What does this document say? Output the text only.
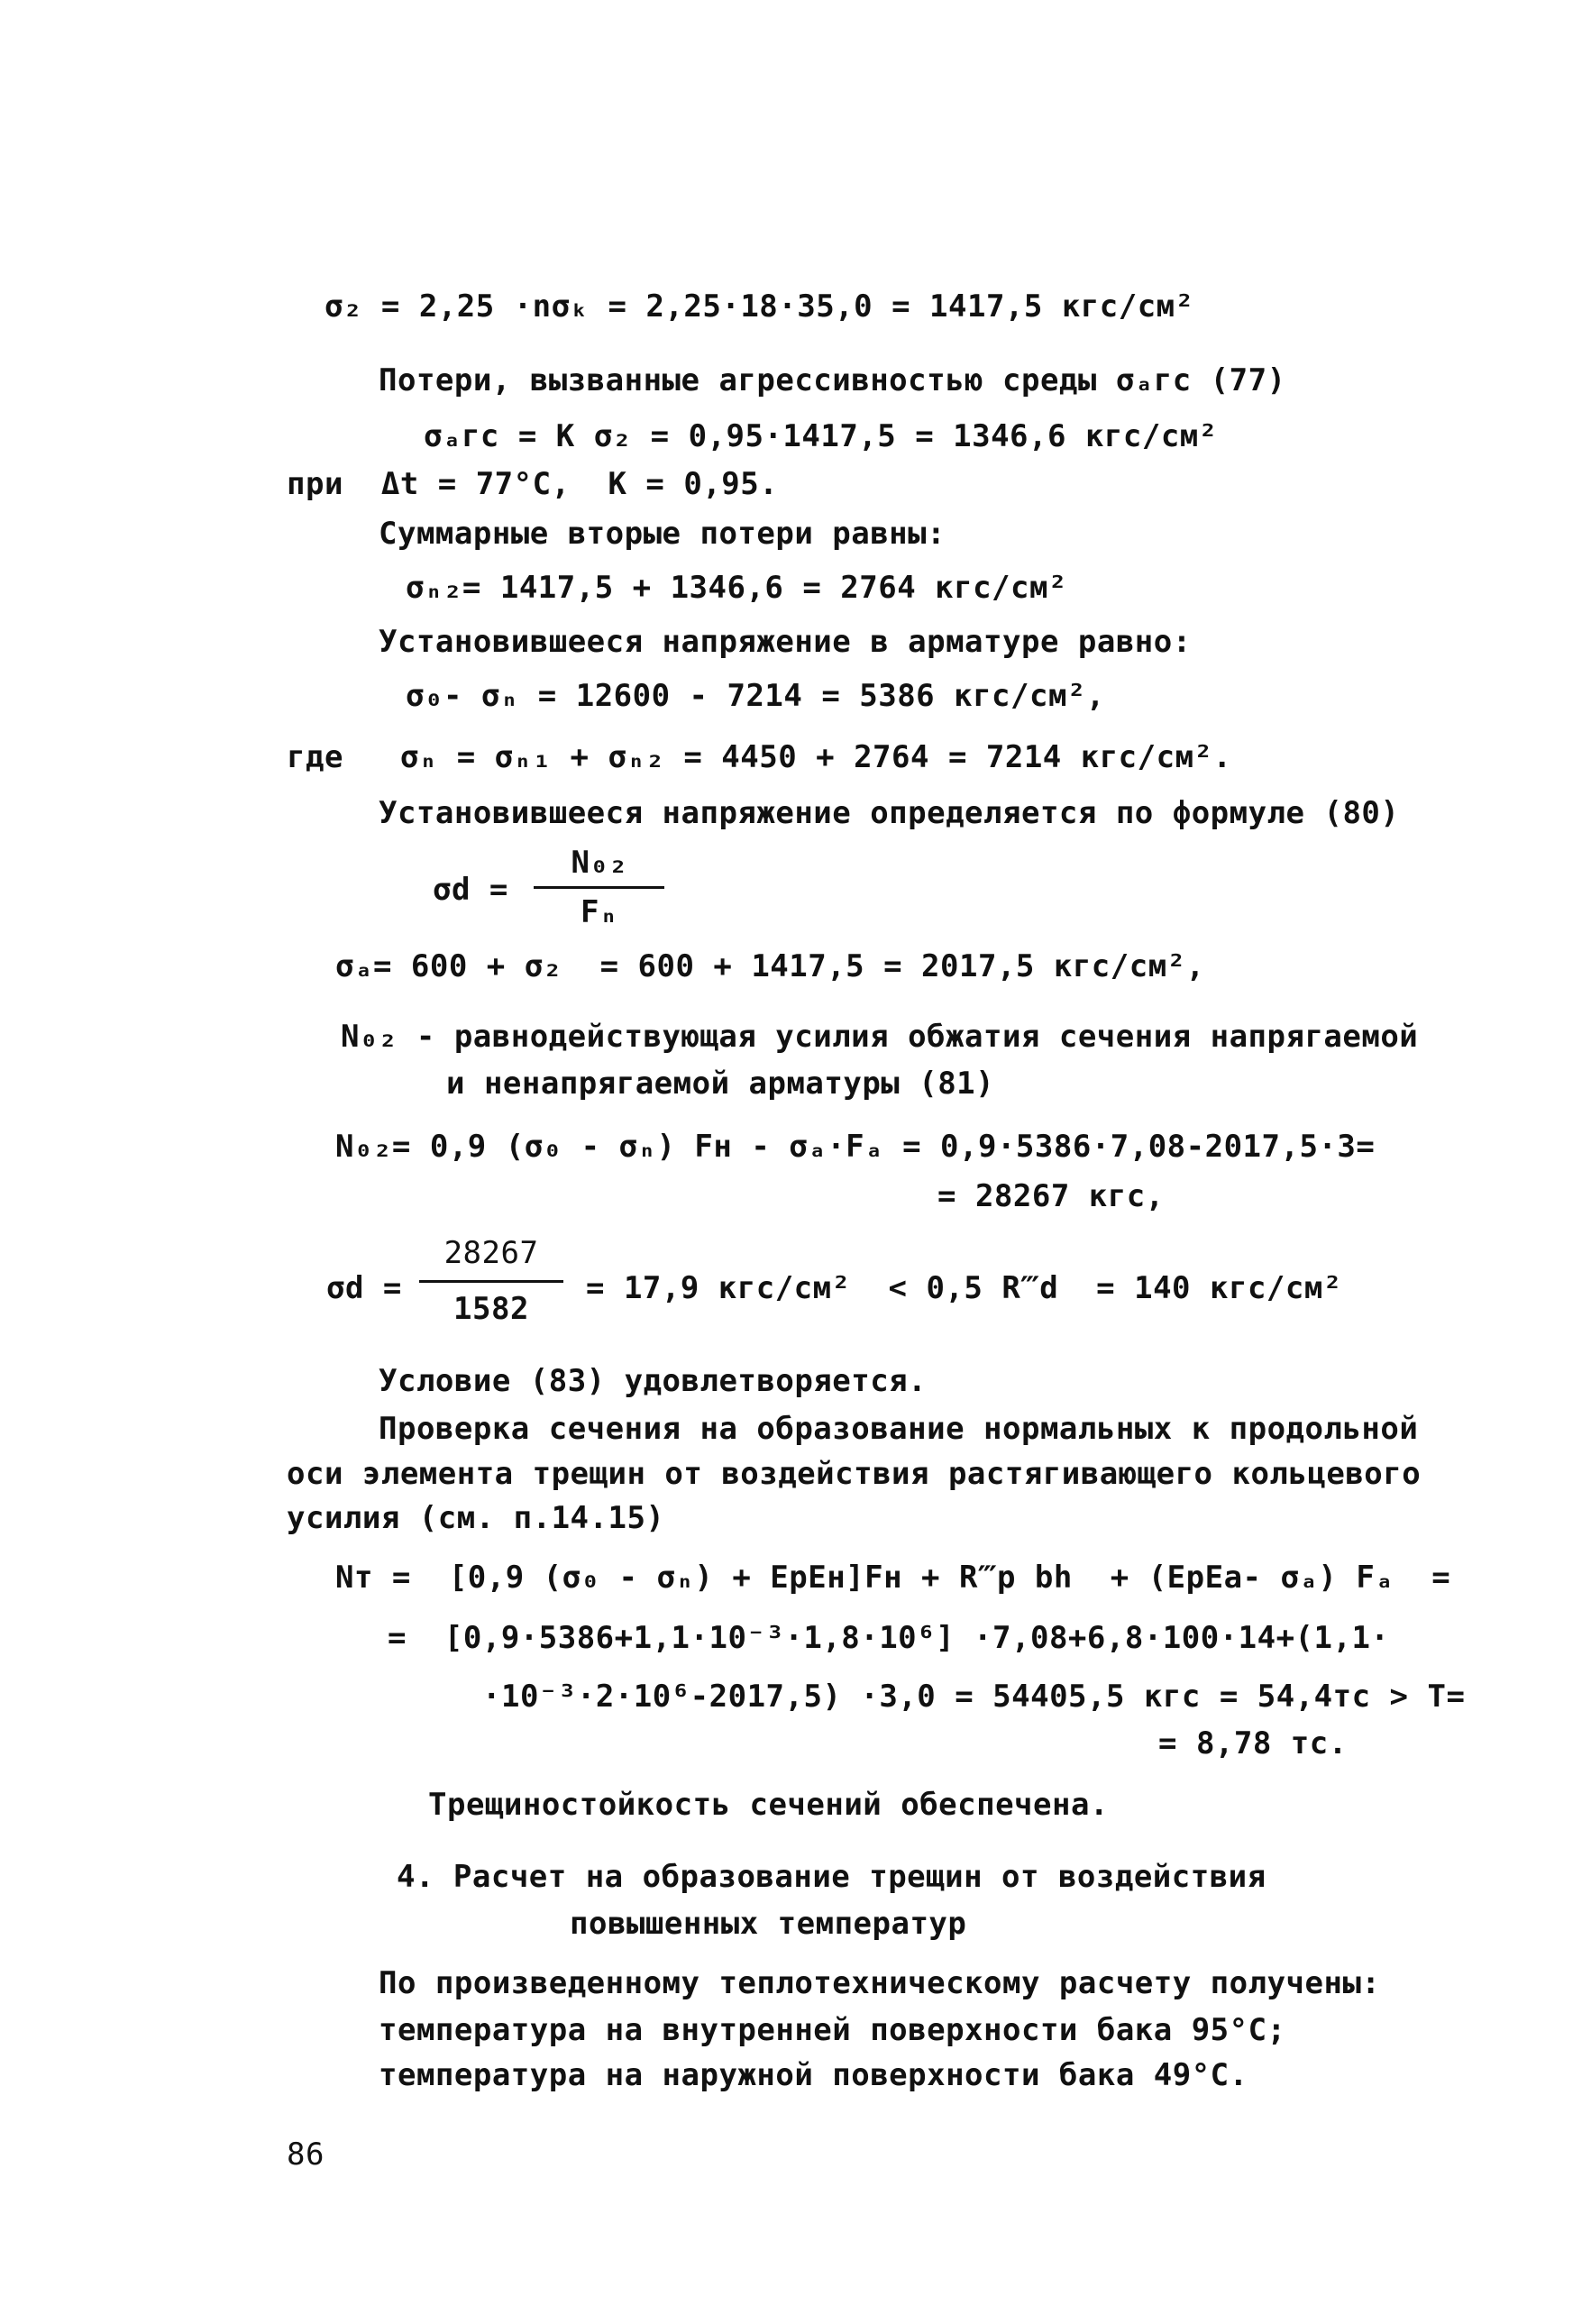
σ₂ = 2,25 ·nσₖ = 2,25·18·35,0 = 1417,5 кгс/см²
Потери, вызванные агрессивностью среды σₐгс (77)
σₐгс = K σ₂ = 0,95·1417,5 = 1346,6 кгс/см²
при  Δt = 77°C,  K = 0,95.
Суммарные вторые потери равны:
σₙ₂= 1417,5 + 1346,6 = 2764 кгс/см²
Установившееся напряжение в арматуре равно:
σ₀- σₙ = 12600 - 7214 = 5386 кгс/см²,
где   σₙ = σₙ₁ + σₙ₂ = 4450 + 2764 = 7214 кгс/см².
Установившееся напряжение определяется по формуле (80)
σd =
N₀₂
Fₙ
σₐ= 600 + σ₂  = 600 + 1417,5 = 2017,5 кгс/см²,
N₀₂ - равнодействующая усилия обжатия сечения напрягаемой
и ненапрягаемой арматуры (81)
N₀₂= 0,9 (σ₀ - σₙ) Fн - σₐ·Fₐ = 0,9·5386·7,08-2017,5·3=
= 28267 кгс,
σd =
28267
1582
= 17,9 кгс/см²  < 0,5 R‴d  = 140 кгс/см²
Условие (83) удовлетворяется.
Проверка сечения на образование нормальных к продольной
оси элемента трещин от воздействия растягивающего кольцевого
усилия (см. п.14.15)
Nт =  [0,9 (σ₀ - σₙ) + EpEн]Fн + R‴p bh  + (EpEa- σₐ) Fₐ  =
=  [0,9·5386+1,1·10⁻³·1,8·10⁶] ·7,08+6,8·100·14+(1,1·
·10⁻³·2·10⁶-2017,5) ·3,0 = 54405,5 кгс = 54,4тс > T=
= 8,78 тс.
Трещиностойкость сечений обеспечена.
4. Расчет на образование трещин от воздействия
повышенных температур
По произведенному теплотехническому расчету получены:
температура на внутренней поверхности бака 95°C;
температура на наружной поверхности бака 49°C.
86
